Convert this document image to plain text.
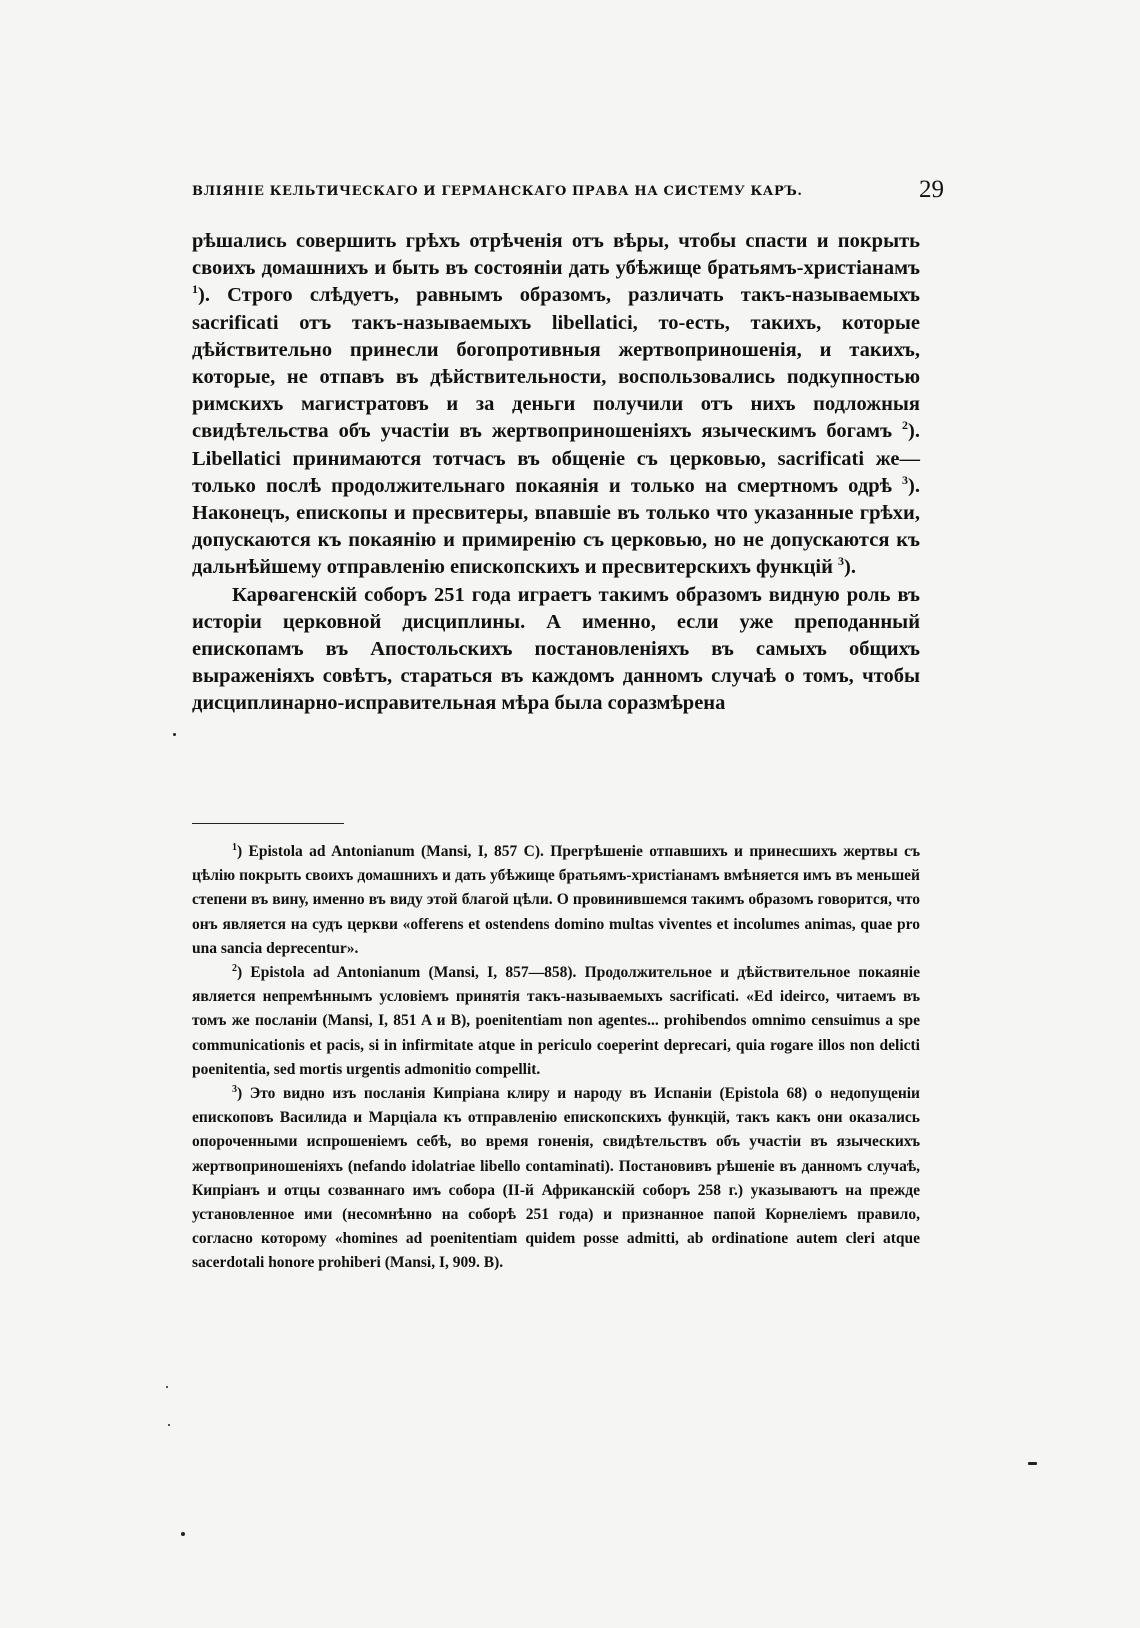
ВЛІЯНІЕ КЕЛЬТИЧЕСКАГО И ГЕРМАНСКАГО ПРАВА НА СИСТЕМУ КАРЪ.	29

рѣшались совершить грѣхъ отрѣченія отъ вѣры, чтобы спасти и покрыть своихъ домашнихъ и быть въ состояніи дать убѣжище братьямъ-христіанамъ $^1$). Строго слѣдуетъ, равнымъ образомъ, различать такъ-называемыхъ sacrificati отъ такъ-называемыхъ libellatici, то-есть, такихъ, которые дѣйствительно принесли богопротивныя жертвоприношенія, и такихъ, которые, не отпавъ въ дѣйствительности, воспользовались подкупностью римскихъ магистратовъ и за деньги получили отъ нихъ подложныя свидѣтельства объ участіи въ жертвоприношеніяхъ языческимъ богамъ $^2$). Libellatici принимаются тотчасъ въ общеніе съ церковью, sacrificati же—только послѣ продолжительнаго покаянія и только на смертномъ одрѣ $^3$). Наконецъ, епископы и пресвитеры, впавшіе въ только что указанные грѣхи, допускаются къ покаянію и примиренію съ церковью, но не допускаются къ дальнѣйшему отправленію епископскихъ и пресвитерскихъ функцій $^3$).

Карѳагенскій соборъ 251 года играетъ такимъ образомъ видную роль въ исторіи церковной дисциплины. А именно, если уже преподанный епископамъ въ Апостольскихъ постановленіяхъ въ самыхъ общихъ выраженіяхъ совѣтъ, стараться въ каждомъ данномъ случаѣ о томъ, чтобы дисциплинарно-исправительная мѣра была соразмѣрена

$^1$) Epistola ad Antonianum (Mansi, I, 857 C). Прегрѣшеніе отпавшихъ и принесшихъ жертвы съ цѣлію покрыть своихъ домашнихъ и дать убѣжище братьямъ-христіанамъ вмѣняется имъ въ меньшей степени въ вину, именно въ виду этой благой цѣли. О провинившемся такимъ образомъ говорится, что онъ является на судъ церкви «offerens et ostendens domino multas viventes et incolumes animas, quae pro una sancia deprecentur».

$^2$) Epistola ad Antonianum (Mansi, I, 857—858). Продолжительное и дѣйствительное покаяніе является непремѣннымъ условіемъ принятія такъ-называемыхъ sacrificati. «Ed ideirco, читаемъ въ томъ же посланіи (Mansi, I, 851 A и B), poenitentiam non agentes... prohibendos omnimo censuimus a spe communicationis et pacis, si in infirmitate atque in periculo coeperint deprecari, quia rogare illos non delicti poenitentia, sed mortis urgentis admonitio compellit.

$^3$) Это видно изъ посланія Кипріана клиру и народу въ Испаніи (Epistola 68) о недопущеніи епископовъ Василида и Марціала къ отправленію епископскихъ функцій, такъ какъ они оказались опороченными испрошеніемъ себѣ, во время гоненія, свидѣтельствъ объ участіи въ языческихъ жертвоприношеніяхъ (nefando idolatriae libello contaminati). Постановивъ рѣшеніе въ данномъ случаѣ, Кипріанъ и отцы созваннаго имъ собора (II-й Африканскій соборъ 258 г.) указываютъ на прежде установленное ими (несомнѣнно на соборѣ 251 года) и признанное папой Корнеліемъ правило, согласно которому «homines ad poenitentiam quidem posse admitti, ab ordinatione autem cleri atque sacerdotali honore prohiberi (Mansi, I, 909. B).
